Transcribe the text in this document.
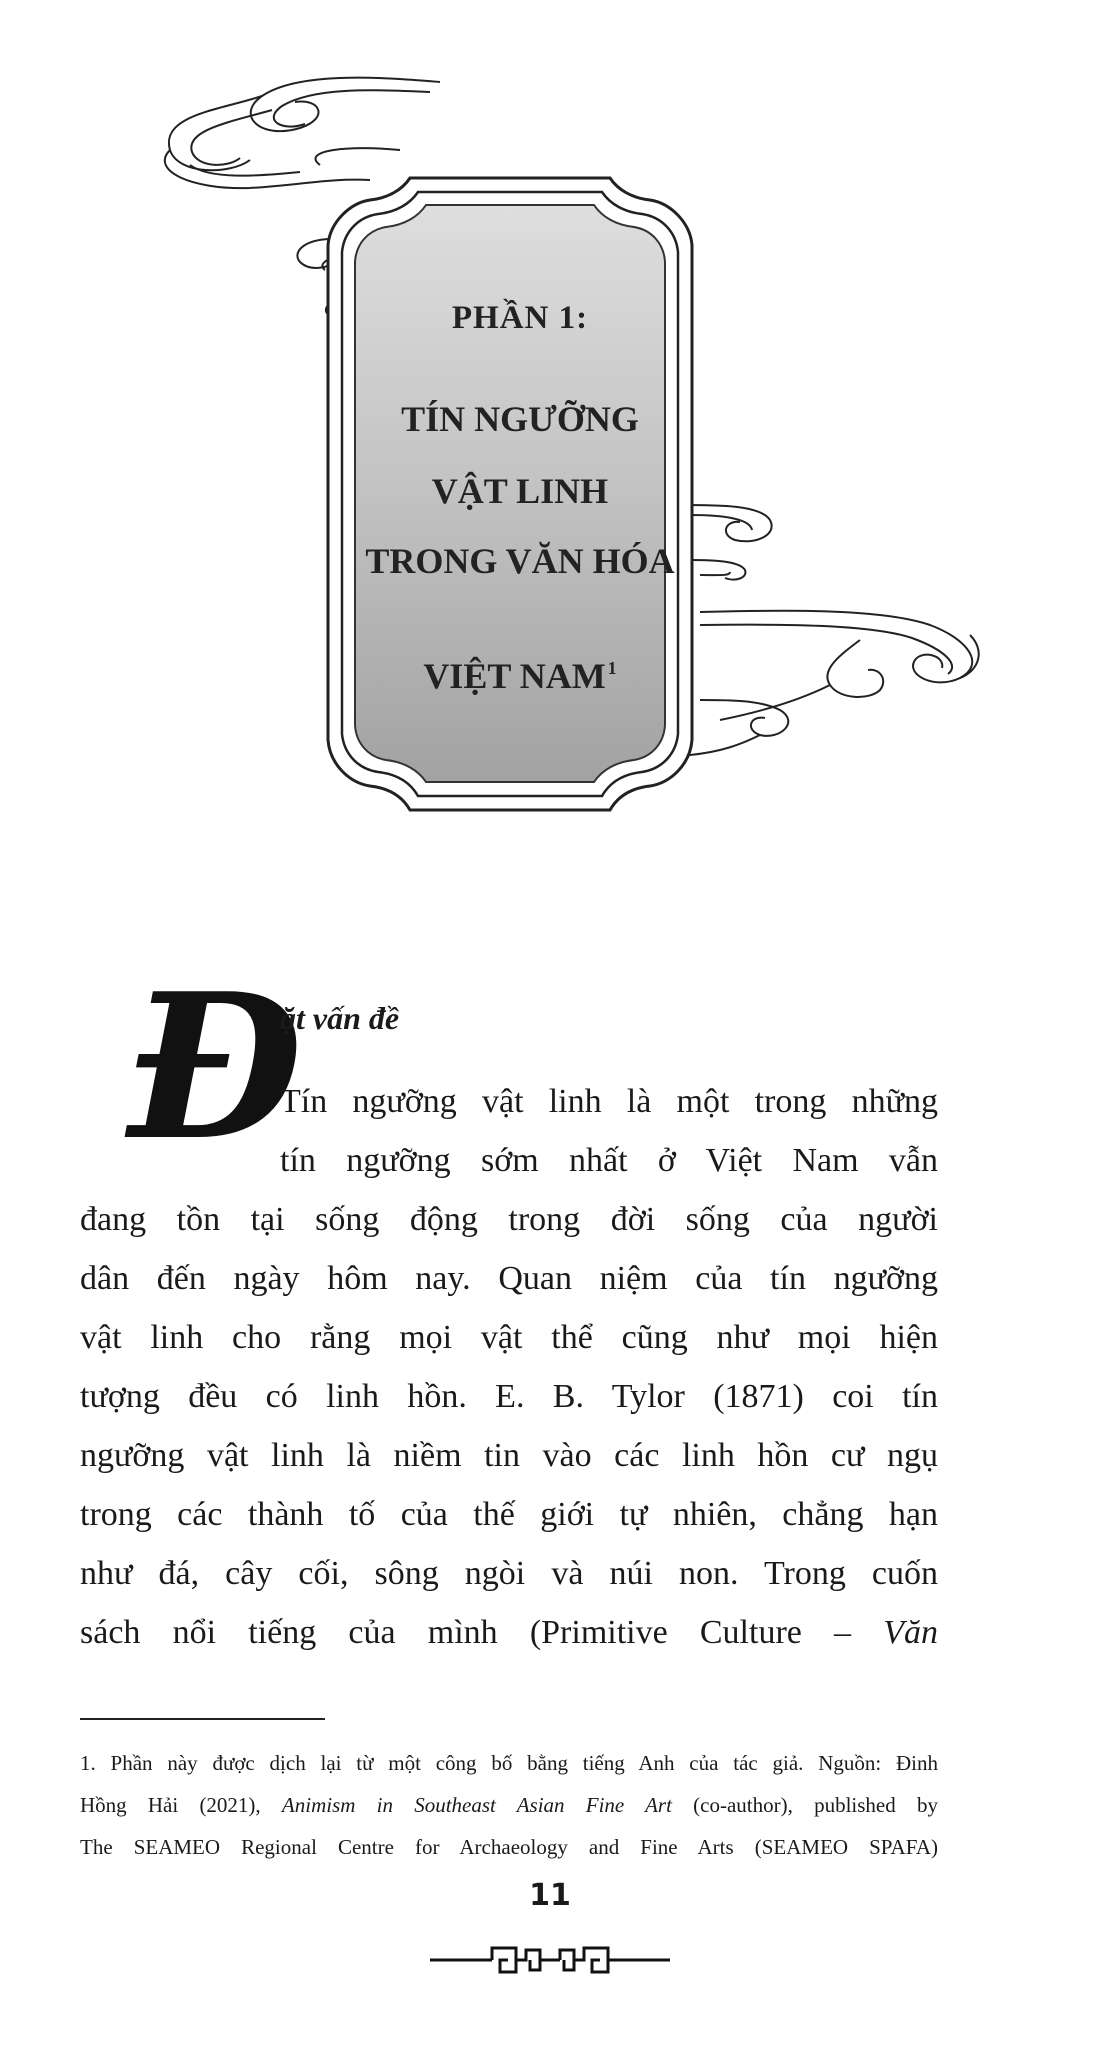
PHẦN 1:
TÍN NGƯỠNG
VẬT LINH
TRONG VĂN HÓA
VIỆT NAM $^1$
Đ
ặt vấn đề
Tín ngưỡng vật linh là một trong những
tín ngưỡng sớm nhất ở Việt Nam vẫn
đang tồn tại sống động trong đời sống của người
dân đến ngày hôm nay. Quan niệm của tín ngưỡng
vật linh cho rằng mọi vật thể cũng như mọi hiện
tượng đều có linh hồn. E. B. Tylor (1871) coi tín
ngưỡng vật linh là niềm tin vào các linh hồn cư ngụ
trong các thành tố của thế giới tự nhiên, chẳng hạn
như đá, cây cối, sông ngòi và núi non. Trong cuốn
sách nổi tiếng của mình (Primitive Culture – Văn
1. Phần này được dịch lại từ một công bố bằng tiếng Anh của tác giả. Nguồn: Đinh
Hồng Hải (2021), Animism in Southeast Asian Fine Art (co-author), published by
The SEAMEO Regional Centre for Archaeology and Fine Arts (SEAMEO SPAFA)
11
